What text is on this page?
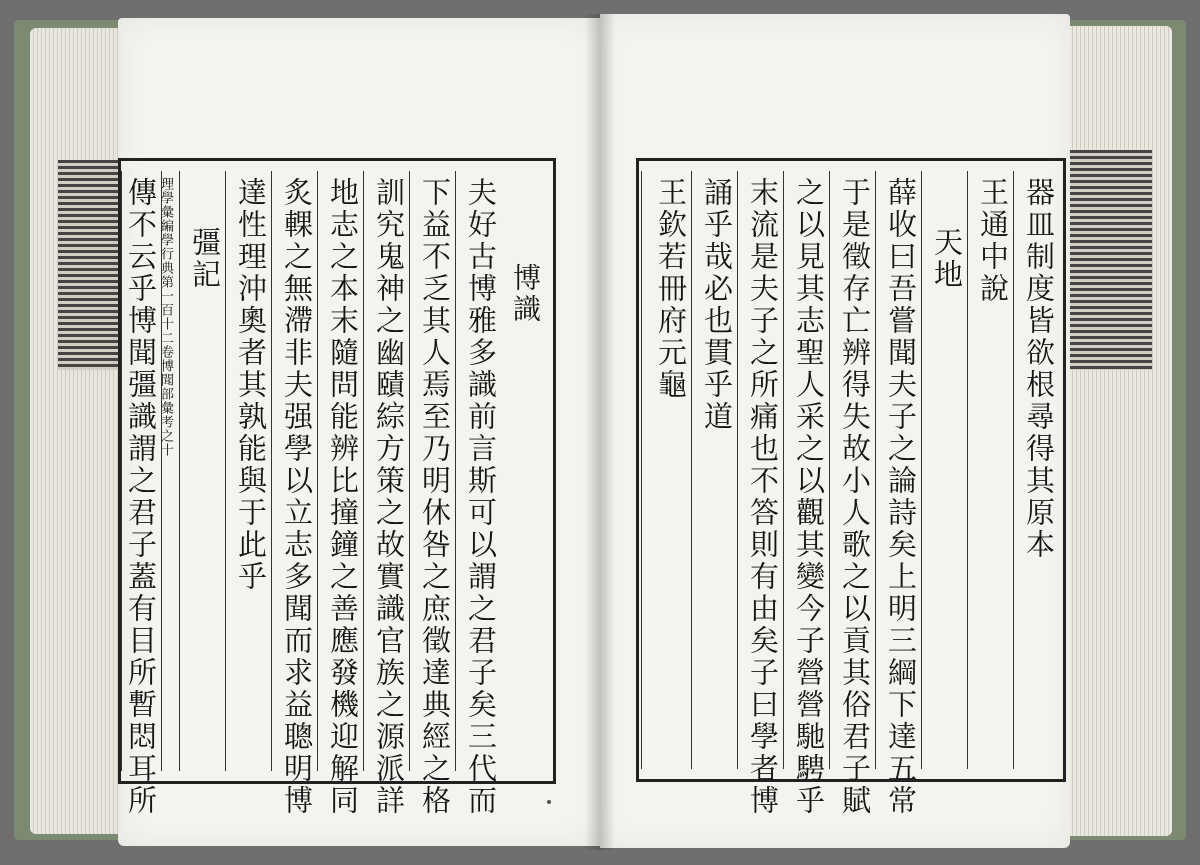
博識
夫好古博雅多識前言斯可以謂之君子矣三代而
下益不乏其人焉至乃明休咎之庶徵達典經之格
訓究鬼神之幽賾綜方策之故實識官族之源派詳
地志之本末隨問能辨比撞鐘之善應發機迎解同
炙輠之無滯非夫强學以立志多聞而求益聰明博
達性理沖奧者其孰能與于此乎
彊記
理學彙編學行典第一百十二卷博聞部彙考之十
傳不云乎博聞彊識謂之君子蓋有目所暫悶耳所	器皿制度皆欲根尋得其原本
王通中說
天地
薛收曰吾嘗聞夫子之論詩矣上明三綱下達五常
于是徵存亡辨得失故小人歌之以貢其俗君子賦
之以見其志聖人采之以觀其變今子營營馳騁乎
末流是夫子之所痛也不答則有由矣子曰學者博
誦乎哉必也貫乎道
王欽若冊府元龜
